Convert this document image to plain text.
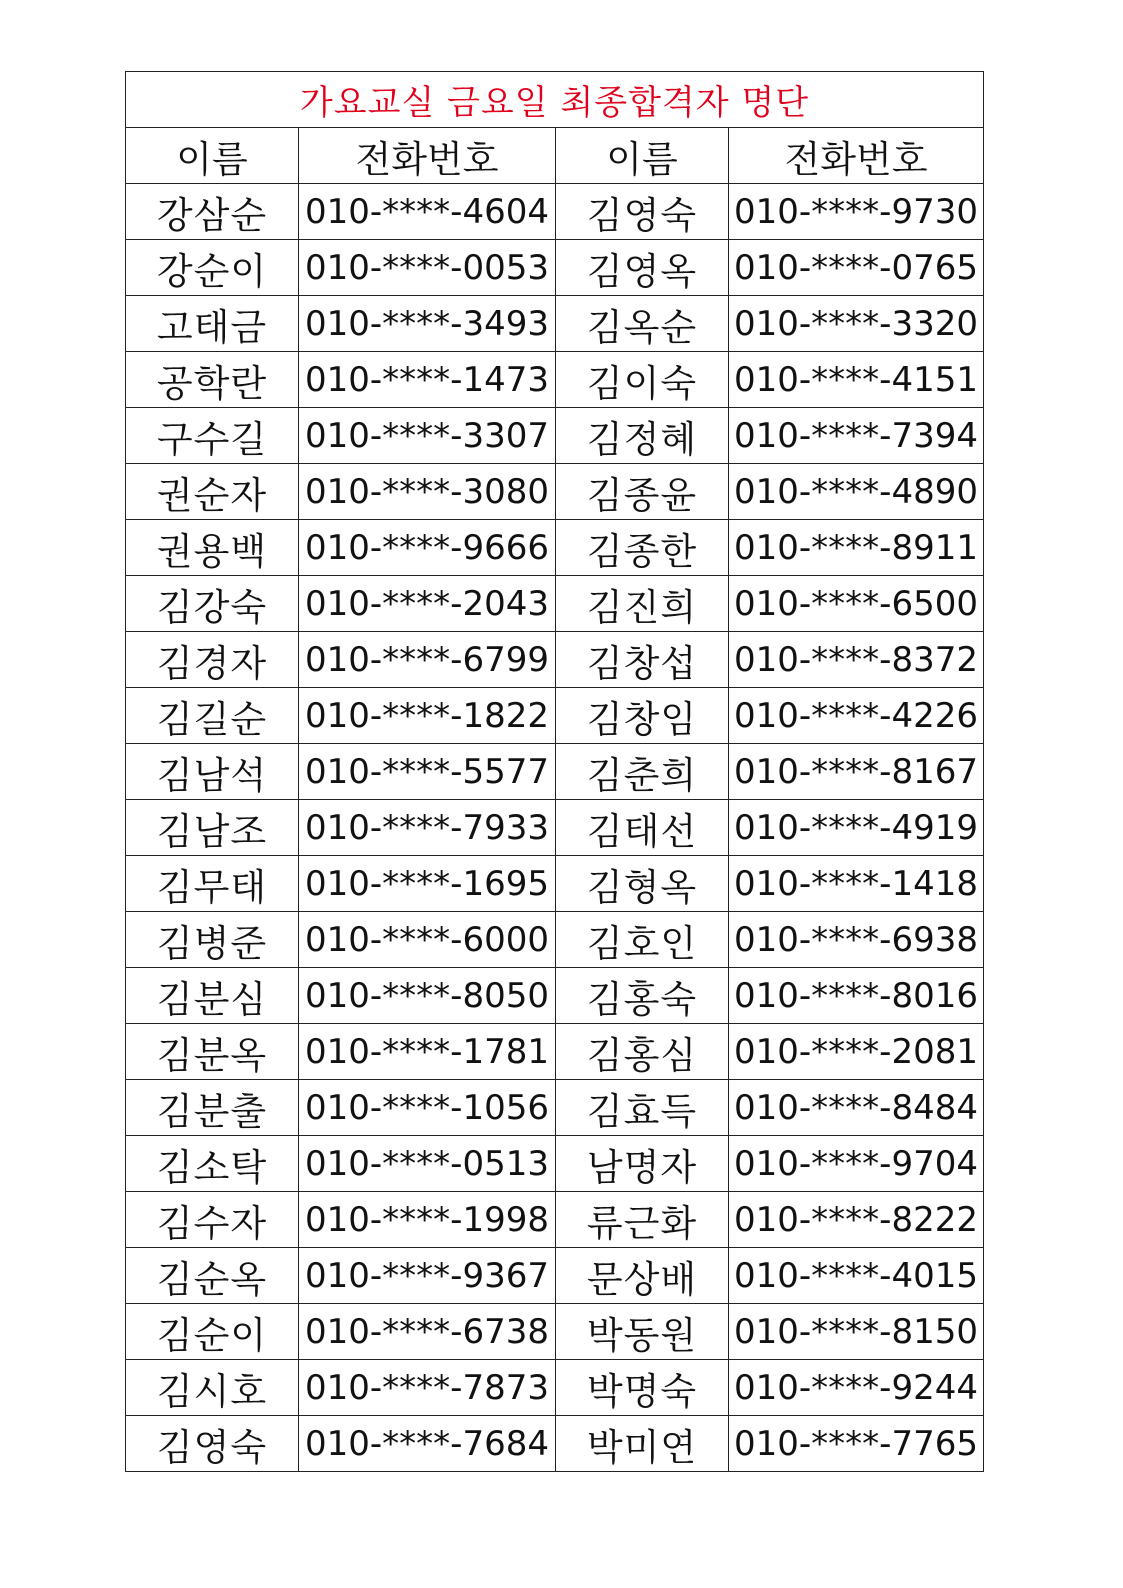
가요교실 금요일 최종합격자 명단			
이름	전화번호	이름	전화번호
강삼순	010-****-4604	김영숙	010-****-9730
강순이	010-****-0053	김영옥	010-****-0765
고태금	010-****-3493	김옥순	010-****-3320
공학란	010-****-1473	김이숙	010-****-4151
구수길	010-****-3307	김정혜	010-****-7394
권순자	010-****-3080	김종윤	010-****-4890
권용백	010-****-9666	김종한	010-****-8911
김강숙	010-****-2043	김진희	010-****-6500
김경자	010-****-6799	김창섭	010-****-8372
김길순	010-****-1822	김창임	010-****-4226
김남석	010-****-5577	김춘희	010-****-8167
김남조	010-****-7933	김태선	010-****-4919
김무태	010-****-1695	김형옥	010-****-1418
김병준	010-****-6000	김호인	010-****-6938
김분심	010-****-8050	김홍숙	010-****-8016
김분옥	010-****-1781	김홍심	010-****-2081
김분출	010-****-1056	김효득	010-****-8484
김소탁	010-****-0513	남명자	010-****-9704
김수자	010-****-1998	류근화	010-****-8222
김순옥	010-****-9367	문상배	010-****-4015
김순이	010-****-6738	박동원	010-****-8150
김시호	010-****-7873	박명숙	010-****-9244
김영숙	010-****-7684	박미연	010-****-7765
